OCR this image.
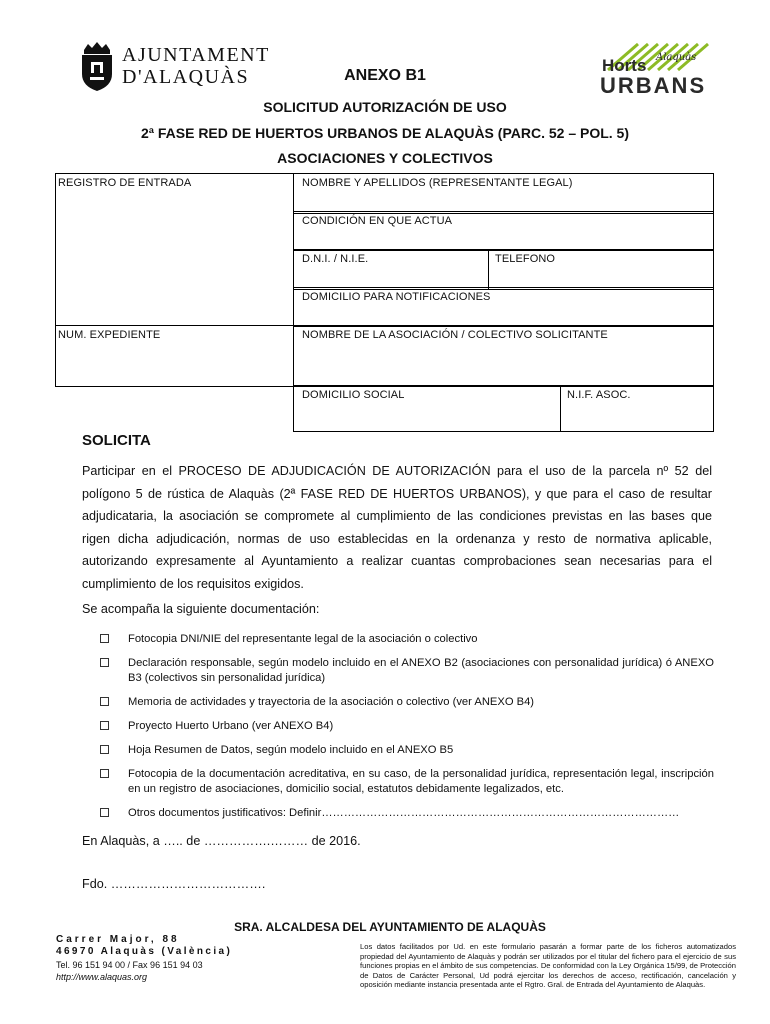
AJUNTAMENT
D'ALAQUÀS
Horts Alaquàs
URBANS
ANEXO B1
SOLICITUD AUTORIZACIÓN DE USO
2ª FASE RED DE HUERTOS URBANOS DE ALAQUÀS (PARC. 52 – POL. 5)
ASOCIACIONES Y COLECTIVOS
REGISTRO DE ENTRADA
NUM. EXPEDIENTE
NOMBRE Y APELLIDOS (REPRESENTANTE LEGAL)
CONDICIÓN EN QUE ACTUA
D.N.I. / N.I.E.	TELEFONO
DOMICILIO PARA NOTIFICACIONES
NOMBRE DE LA ASOCIACIÓN / COLECTIVO SOLICITANTE
DOMICILIO SOCIAL	N.I.F. ASOC.
SOLICITA
Participar en el PROCESO DE ADJUDICACIÓN DE AUTORIZACIÓN para el uso de la parcela nº 52 del
polígono 5 de rústica de Alaquàs (2ª FASE RED DE HUERTOS URBANOS), y que para el caso de resultar
adjudicataria, la asociación se compromete al cumplimiento de las condiciones previstas en las bases que
rigen dicha adjudicación, normas de uso establecidas en la ordenanza y resto de normativa aplicable,
autorizando expresamente al Ayuntamiento a realizar cuantas comprobaciones sean necesarias para el
cumplimiento de los requisitos exigidos.
Se acompaña la siguiente documentación:
Fotocopia DNI/NIE del representante legal de la asociación o colectivo
Declaración responsable, según modelo incluido en el ANEXO B2 (asociaciones con personalidad jurídica) ó ANEXO B3 (colectivos sin personalidad jurídica)
Memoria de actividades y trayectoria de la asociación o colectivo (ver ANEXO B4)
Proyecto Huerto Urbano (ver ANEXO B4)
Hoja Resumen de Datos, según modelo incluido en el ANEXO B5
Fotocopia de la documentación acreditativa, en su caso, de la personalidad jurídica, representación legal, inscripción en un registro de asociaciones, domicilio social, estatutos debidamente legalizados, etc.
Otros documentos justificativos: Definir……………………………………………………………………………………
En Alaquàs, a ….. de …………….……… de 2016.
Fdo. ……………………………….
SRA. ALCALDESA DEL AYUNTAMIENTO DE ALAQUÀS
Carrer Major, 88
46970 Alaquàs (València)
Tel. 96 151 94 00 / Fax 96 151 94 03
http://www.alaquas.org
Los datos facilitados por Ud. en este formulario pasarán a formar parte de los ficheros automatizados propiedad del Ayuntamiento de Alaquàs y podrán ser utilizados por el titular del fichero para el ejercicio de sus funciones propias en el ámbito de sus competencias. De conformidad con la Ley Orgánica 15/99, de Protección de Datos de Carácter Personal, Ud podrá ejercitar los derechos de acceso, rectificación, cancelación y oposición mediante instancia presentada ante el Rgtro. Gral. de Entrada del Ayuntamiento de Alaquàs.
